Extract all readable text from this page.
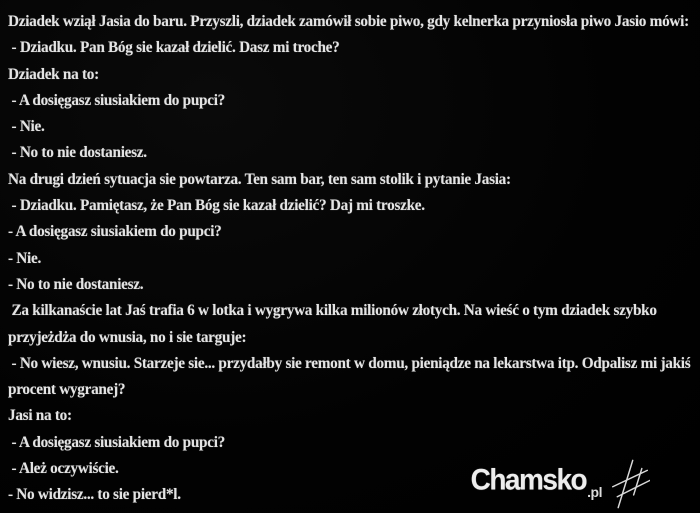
Dziadek wziął Jasia do baru. Przyszli, dziadek zamówił sobie piwo, gdy kelnerka przyniosła piwo Jasio mówi:
- Dziadku. Pan Bóg sie kazał dzielić. Dasz mi troche?
Dziadek na to:
- A dosięgasz siusiakiem do pupci?
- Nie.
- No to nie dostaniesz.
Na drugi dzień sytuacja sie powtarza. Ten sam bar, ten sam stolik i pytanie Jasia:
- Dziadku. Pamiętasz, że Pan Bóg sie kazał dzielić? Daj mi troszke.
- A dosięgasz siusiakiem do pupci?
- Nie.
- No to nie dostaniesz.
Za kilkanaście lat Jaś trafia 6 w lotka i wygrywa kilka milionów złotych. Na wieść o tym dziadek szybko
przyjeżdża do wnusia, no i sie targuje:
- No wiesz, wnusiu. Starzeje sie... przydałby sie remont w domu, pieniądze na lekarstwa itp. Odpalisz mi jakiś
procent wygranej?
Jasi na to:
- A dosięgasz siusiakiem do pupci?
- Ależ oczywiście.
- No widzisz... to sie pierd*l.	Chamsko .pl
